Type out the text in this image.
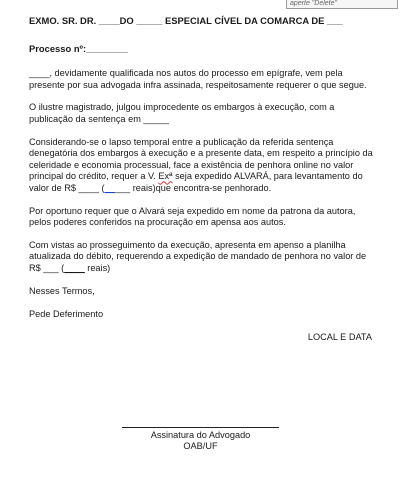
aperte "Delete"
EXMO. SR. DR. ____DO _____ ESPECIAL CÍVEL DA COMARCA DE ___
Processo nº:________

____, devidamente qualificada nos autos do processo em epígrafe, vem pela presente por sua advogada infra assinada, respeitosamente requerer o que segue.

O ilustre magistrado, julgou improcedente os embargos à execução, com a publicação da sentença em _____

Considerando-se o lapso temporal entre a publicação da referida sentença denegatória dos embargos à execução e a presente data, em respeito a princípio da celeridade e economia processual, face a existência de penhora online no valor principal do crédito, requer a V. Exª seja expedido ALVARÁ, para levantamento do valor de R$ ____ (_____ reais)que encontra-se penhorado.

Por oportuno requer que o Alvará seja expedido em nome da patrona da autora, pelos poderes conferidos na procuração em apensa aos autos.

Com vistas ao prosseguimento da execução, apresenta em apenso a planilha atualizada do débito, requerendo a expedição de mandado de penhora no valor de R$ ___ (____ reais)

Nesses Termos,

Pede Deferimento

LOCAL E DATA

Assinatura do Advogado
OAB/UF
